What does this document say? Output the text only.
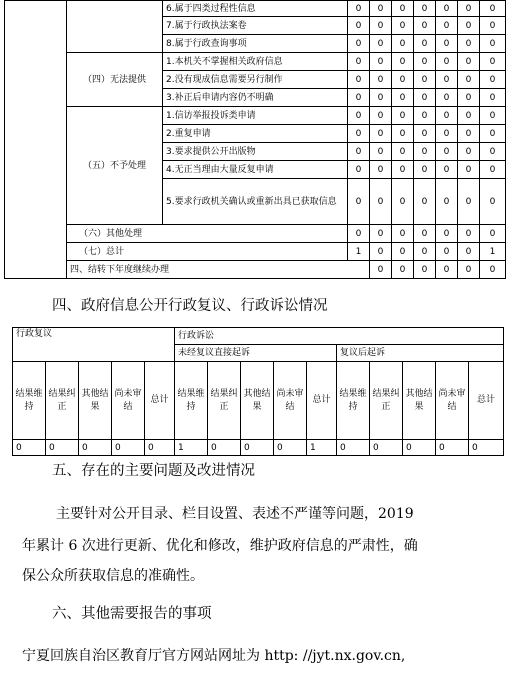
		6.属于四类过程性信息	0	0	0	0	0	0	0	
		7.属于行政执法案卷	0	0	0	0	0	0	0	
		8.属于行政查询事项	0	0	0	0	0	0	0	
	（四）无法提供	1.本机关不掌握相关政府信息	0	0	0	0	0	0	0	
		2.没有现成信息需要另行制作	0	0	0	0	0	0	0	
		3.补正后申请内容仍不明确	0	0	0	0	0	0	0	
	（五）不予处理	1.信访举报投诉类申请	0	0	0	0	0	0	0	
		2.重复申请	0	0	0	0	0	0	0	
		3.要求提供公开出版物	0	0	0	0	0	0	0	
		4.无正当理由大量反复申请	0	0	0	0	0	0	0	
		5.要求行政机关确认或重新出具已获取信息	0	0	0	0	0	0	0	
	（六）其他处理		0	0	0	0	0	0	0	
	（七）总计		1	0	0	0	0	0	1	
	四、结转下年度继续办理			0	0	0	0	0	0	
四、政府信息公开行政复议、行政诉讼情况
行政复议					行政诉讼									
					未经复议直接起诉					复议后起诉				
结果维持	结果纠正	其他结果	尚未审结	总计	结果维持	结果纠正	其他结果	尚未审结	总计	结果维持	结果纠正	其他结果	尚未审结	总计
0	0	0	0	0	1	0	0	0	1	0	0	0	0	0
五、存在的主要问题及改进情况
主要针对公开目录、栏目设置、表述不严谨等问题，2019
年累计 6 次进行更新、优化和修改，维护政府信息的严肃性，确
保公众所获取信息的准确性。
六、其他需要报告的事项
宁夏回族自治区教育厅官方网站网址为 http: //jyt.nx.gov.cn,
